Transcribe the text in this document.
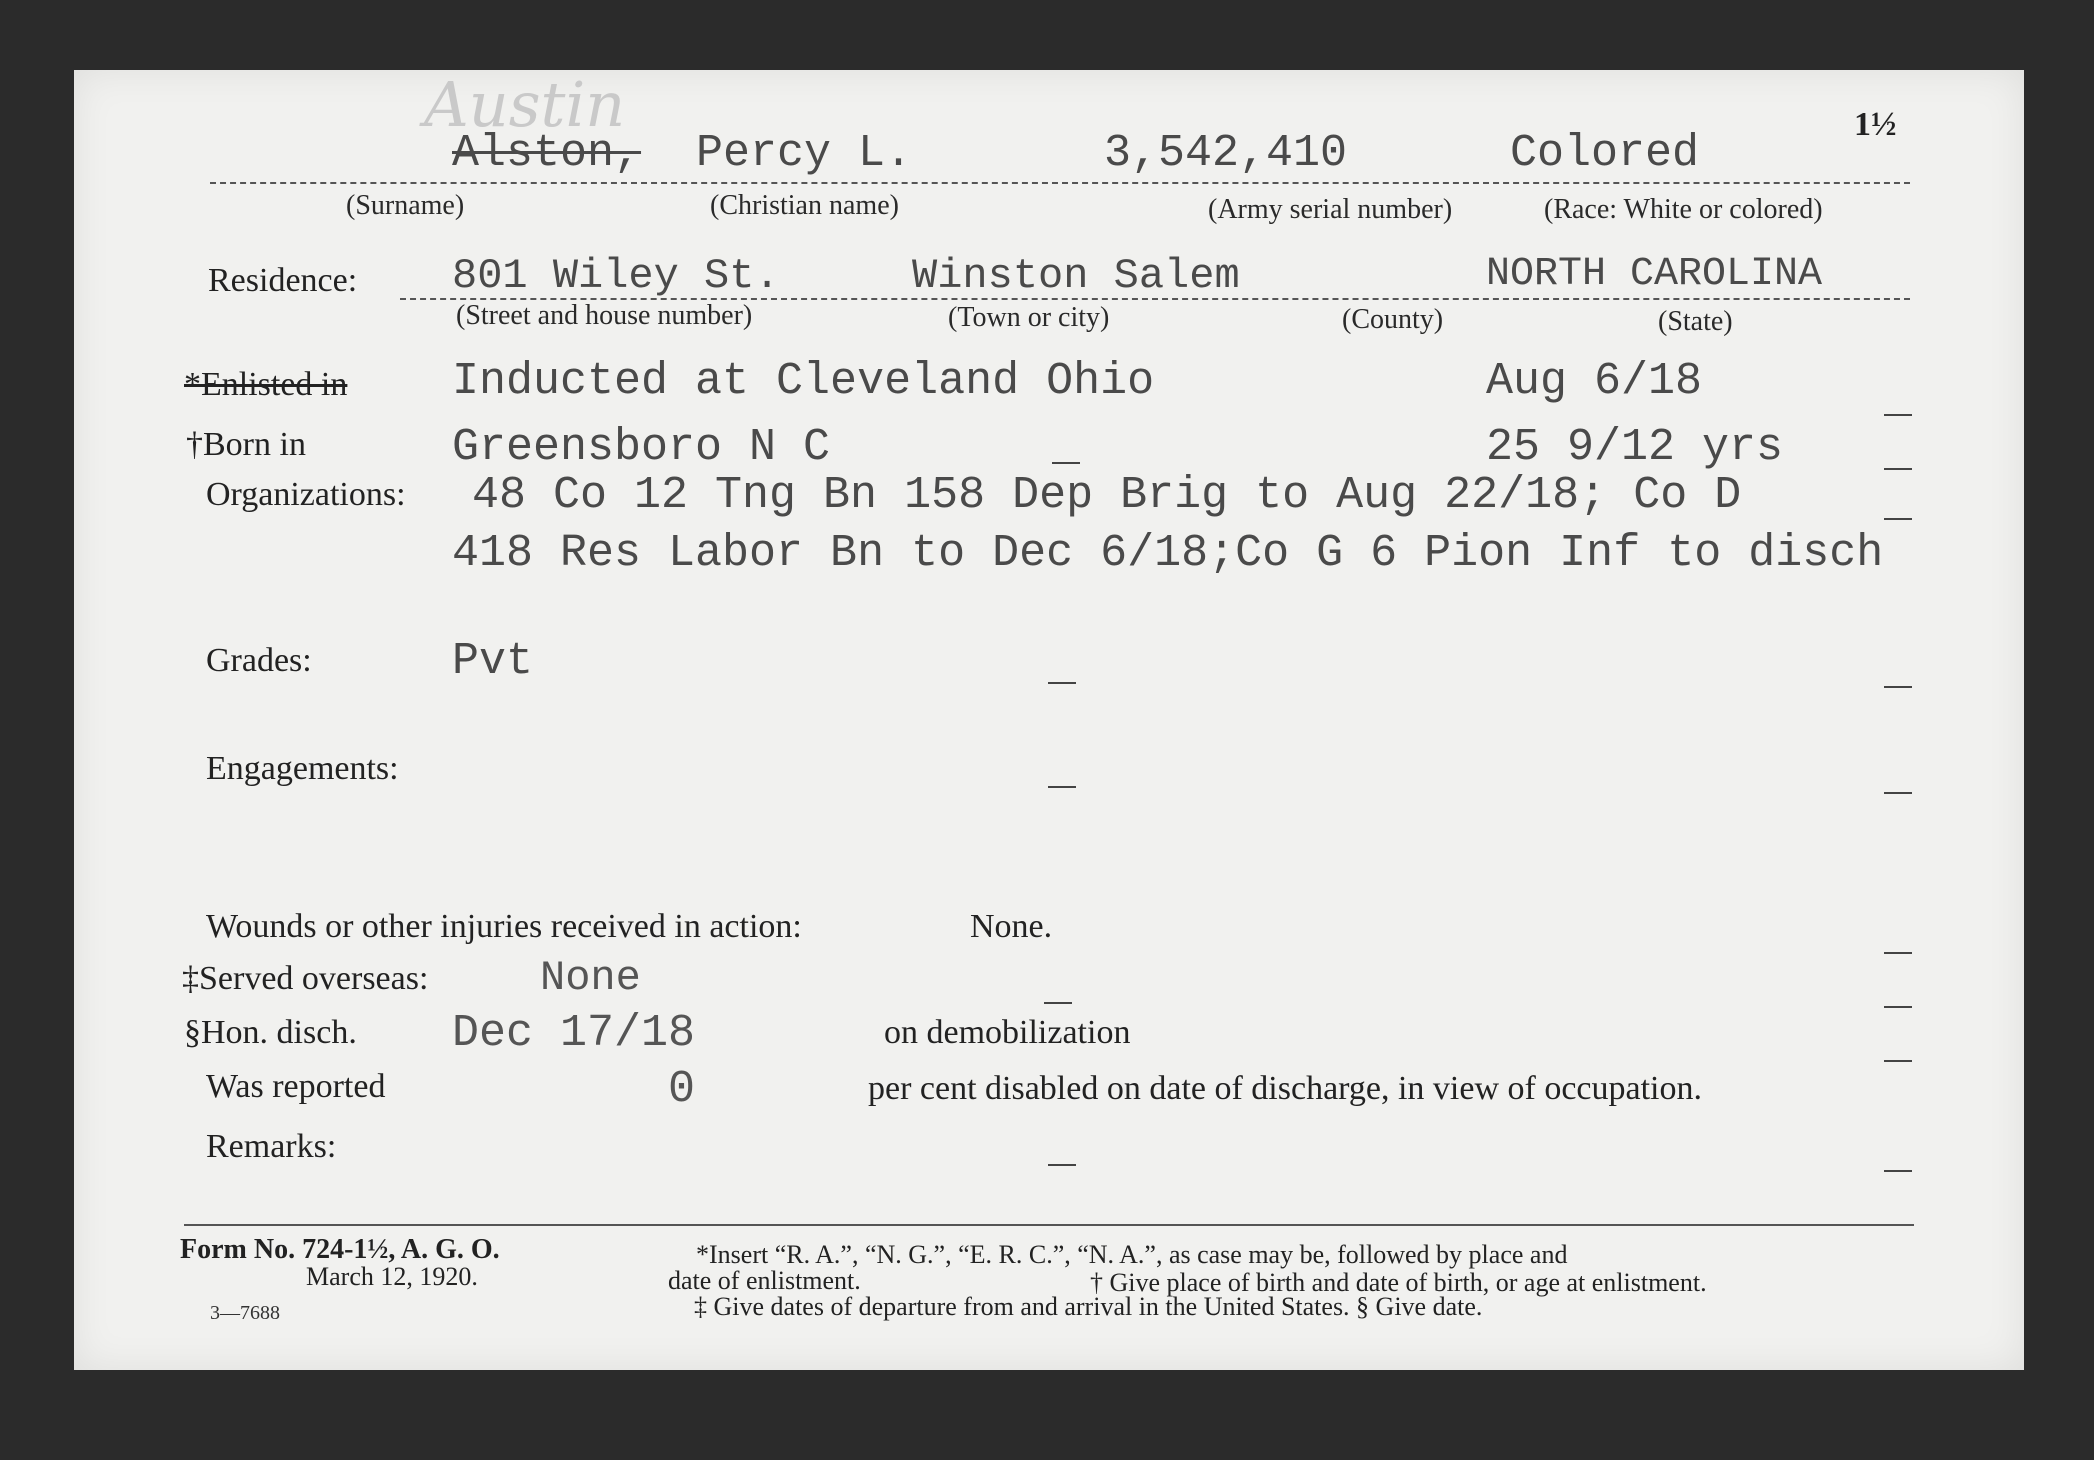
Austin	1½
Alston, Percy L.	3,542,410	Colored
(Surname)	(Christian name)	(Army serial number)	(Race: White or colored)
Residence: 801 Wiley St.	Winston Salem	NORTH CAROLINA
(Street and house number)	(Town or city)	(County)	(State)
*Enlisted in Inducted at Cleveland Ohio	Aug 6/18
†Born in	Greensboro N C	25 9/12 yrs
Organizations: 48 Co 12 Tng Bn 158 Dep Brig to Aug 22/18; Co D
418 Res Labor Bn to Dec 6/18;Co G 6 Pion Inf to disch
Grades:	Pvt
Engagements:
Wounds or other injuries received in action:	None.
‡Served overseas:	None
§Hon. disch. Dec 17/18	on demobilization
Was reported	0	per cent disabled on date of discharge, in view of occupation.
Remarks:
Form No. 724-1½, A. G. O.
March 12, 1920.
3—7688
*Insert “R. A.”, “N. G.”, “E. R. C.”, “N. A.”, as case may be, followed by place and
date of enlistment.	† Give place of birth and date of birth, or age at enlistment.
‡ Give dates of departure from and arrival in the United States. § Give date.
